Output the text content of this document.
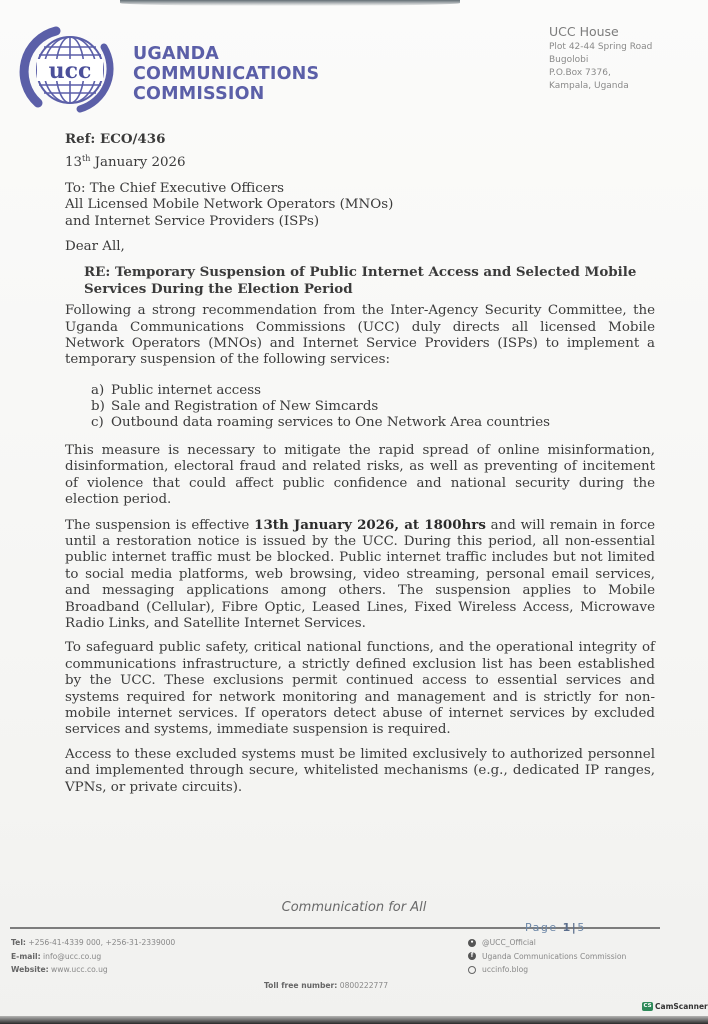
ucc
UGANDA
COMMUNICATIONS
COMMISSION
UCC House
Plot 42-44 Spring Road
Bugolobi
P.O.Box 7376,
Kampala, Uganda
Ref: ECO/436
13th January 2026
To: The Chief Executive Officers
All Licensed Mobile Network Operators (MNOs)
and Internet Service Providers (ISPs)
Dear All,
RE: Temporary Suspension of Public Internet Access and Selected Mobile Services During the Election Period
Following a strong recommendation from the Inter-Agency Security Committee, the Uganda Communications Commissions (UCC) duly directs all licensed Mobile Network Operators (MNOs) and Internet Service Providers (ISPs) to implement a temporary suspension of the following services:
a) Public internet access
b) Sale and Registration of New Simcards
c) Outbound data roaming services to One Network Area countries
This measure is necessary to mitigate the rapid spread of online misinformation, disinformation, electoral fraud and related risks, as well as preventing of incitement of violence that could affect public confidence and national security during the election period.
The suspension is effective 13th January 2026, at 1800hrs and will remain in force until a restoration notice is issued by the UCC. During this period, all non-essential public internet traffic must be blocked. Public internet traffic includes but not limited to social media platforms, web browsing, video streaming, personal email services, and messaging applications among others. The suspension applies to Mobile Broadband (Cellular), Fibre Optic, Leased Lines, Fixed Wireless Access, Microwave Radio Links, and Satellite Internet Services.
To safeguard public safety, critical national functions, and the operational integrity of communications infrastructure, a strictly defined exclusion list has been established by the UCC. These exclusions permit continued access to essential services and systems required for network monitoring and management and is strictly for non-mobile internet services. If operators detect abuse of internet services by excluded services and systems, immediate suspension is required.
Access to these excluded systems must be limited exclusively to authorized personnel and implemented through secure, whitelisted mechanisms (e.g., dedicated IP ranges, VPNs, or private circuits).
Communication for All
Page 1|5
Tel: +256-41-4339 000, +256-31-2339000
E-mail: info@ucc.co.ug
Website: www.ucc.co.ug
Toll free number: 0800222777
• @UCC_Official
f	Uganda Communications Commission
uccinfo.blog
CS CamScanner
